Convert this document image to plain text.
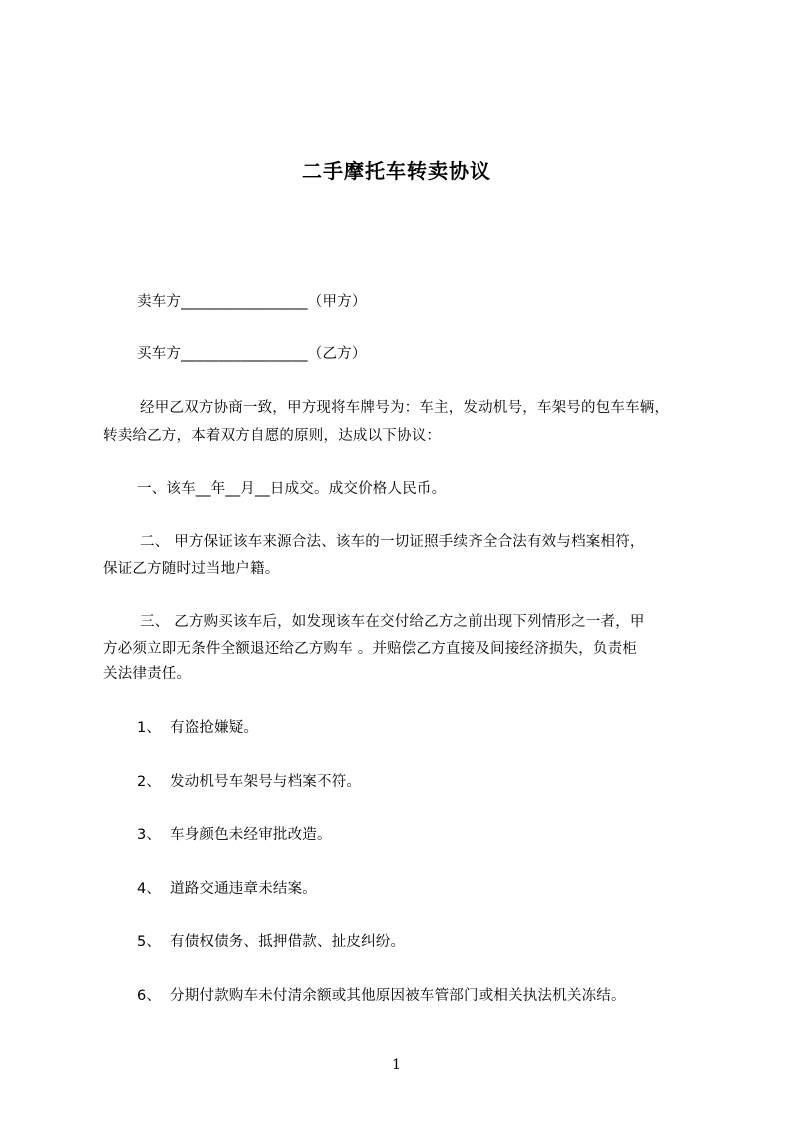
二手摩托车转卖协议

卖车方_________________（甲方）

买车方_________________（乙方）

经甲乙双方协商一致，甲方现将车牌号为：车主，发动机号，车架号的包车车辆，

转卖给乙方，本着双方自愿的原则，达成以下协议：

一、该车__年__月__日成交。成交价格人民币。

二、 甲方保证该车来源合法、该车的一切证照手续齐全合法有效与档案相符，

保证乙方随时过当地户籍。

三、 乙方购买该车后，如发现该车在交付给乙方之前出现下列情形之一者，甲

方必须立即无条件全额退还给乙方购车 。并赔偿乙方直接及间接经济损失，负责柜

关法律责任。

1、 有盗抢嫌疑。

2、 发动机号车架号与档案不符。

3、 车身颜色未经审批改造。

4、 道路交通违章未结案。

5、 有债权债务、抵押借款、扯皮纠纷。

6、 分期付款购车未付清余额或其他原因被车管部门或相关执法机关冻结。

1
